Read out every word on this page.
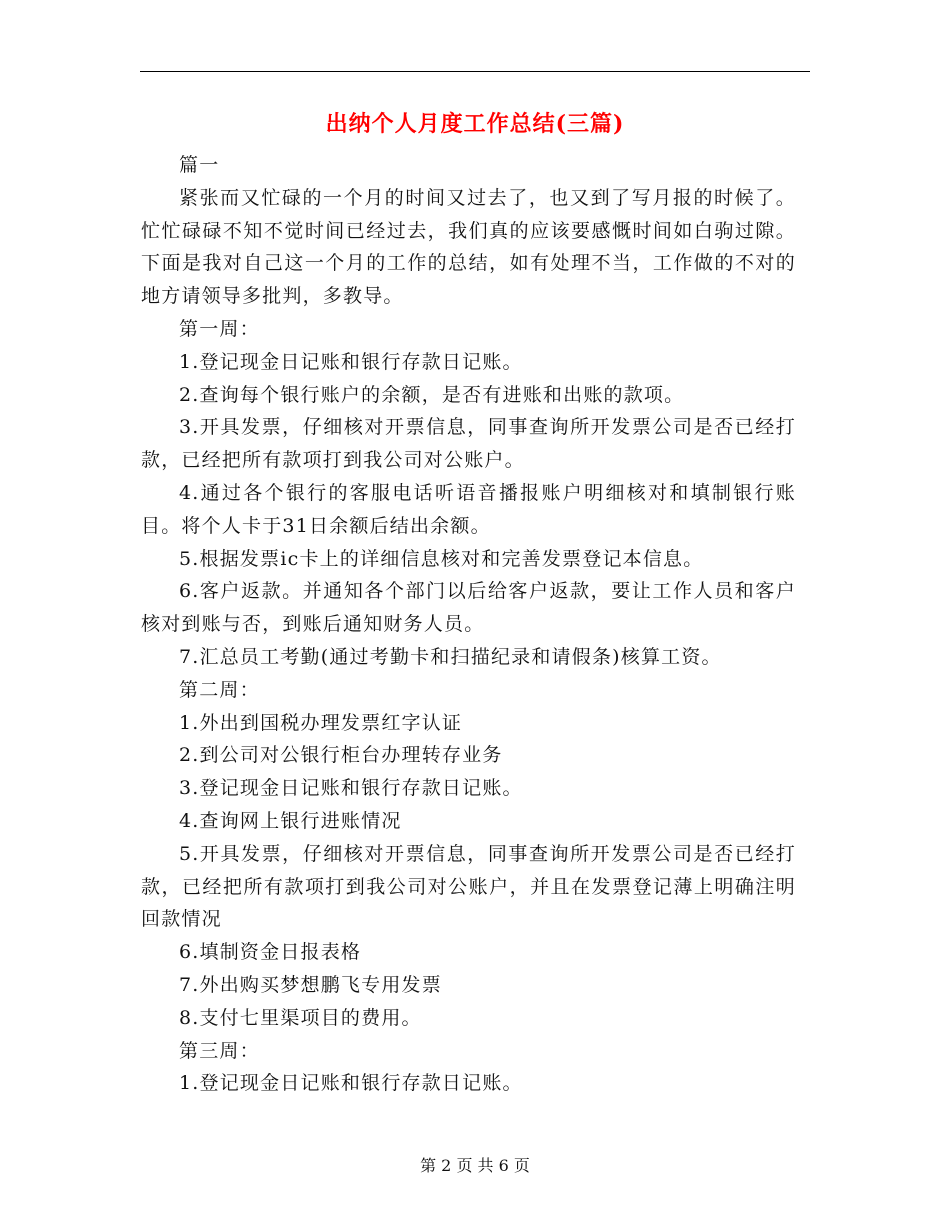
出纳个人月度工作总结(三篇)

篇一

紧张而又忙碌的一个月的时间又过去了，也又到了写月报的时候了。忙忙碌碌不知不觉时间已经过去，我们真的应该要感慨时间如白驹过隙。下面是我对自己这一个月的工作的总结，如有处理不当，工作做的不对的地方请领导多批判，多教导。

第一周：

1.登记现金日记账和银行存款日记账。

2.查询每个银行账户的余额，是否有进账和出账的款项。

3.开具发票，仔细核对开票信息，同事查询所开发票公司是否已经打款，已经把所有款项打到我公司对公账户。

4.通过各个银行的客服电话听语音播报账户明细核对和填制银行账目。将个人卡于31日余额后结出余额。

5.根据发票ic卡上的详细信息核对和完善发票登记本信息。

6.客户返款。并通知各个部门以后给客户返款，要让工作人员和客户核对到账与否，到账后通知财务人员。

7.汇总员工考勤(通过考勤卡和扫描纪录和请假条)核算工资。

第二周：

1.外出到国税办理发票红字认证

2.到公司对公银行柜台办理转存业务

3.登记现金日记账和银行存款日记账。

4.查询网上银行进账情况

5.开具发票，仔细核对开票信息，同事查询所开发票公司是否已经打款，已经把所有款项打到我公司对公账户，并且在发票登记薄上明确注明回款情况

6.填制资金日报表格

7.外出购买梦想鹏飞专用发票

8.支付七里渠项目的费用。

第三周：

1.登记现金日记账和银行存款日记账。

第 2 页 共 6 页
